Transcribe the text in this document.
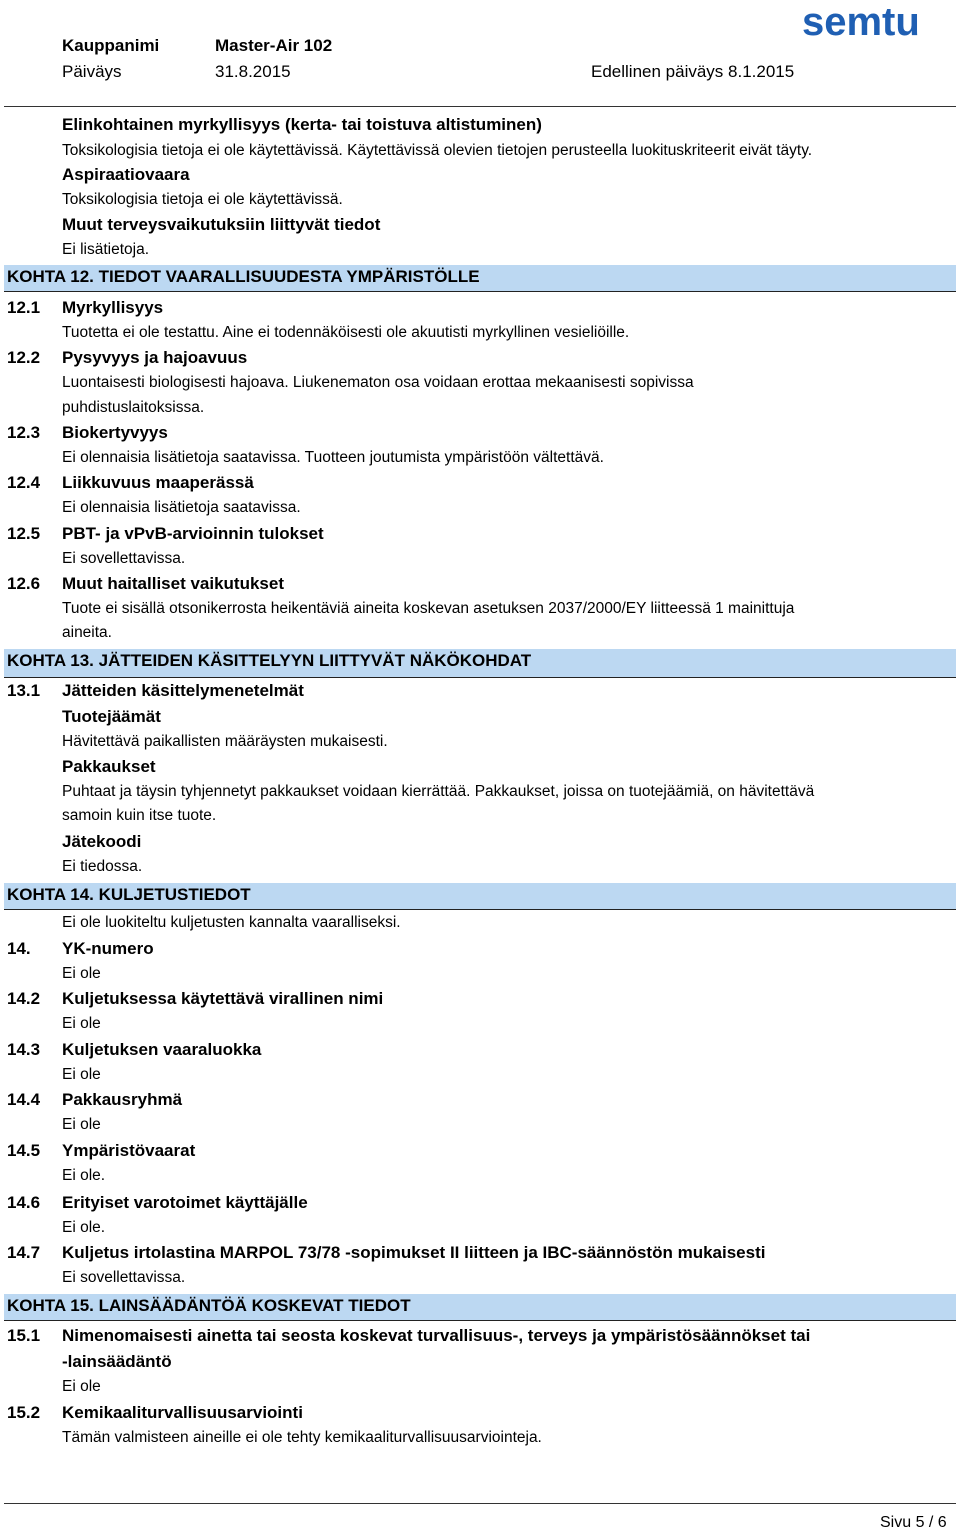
Kauppanimi	Master-Air 102
Päiväys	31.8.2015	Edellinen päiväys 8.1.2015
semtu
Elinkohtainen myrkyllisyys (kerta- tai toistuva altistuminen)
Toksikologisia tietoja ei ole käytettävissä. Käytettävissä olevien tietojen perusteella luokituskriteerit eivät täyty.
Aspiraatiovaara
Toksikologisia tietoja ei ole käytettävissä.
Muut terveysvaikutuksiin liittyvät tiedot
Ei lisätietoja.
KOHTA 12. TIEDOT VAARALLISUUDESTA YMPÄRISTÖLLE
12.1 Myrkyllisyys
Tuotetta ei ole testattu. Aine ei todennäköisesti ole akuutisti myrkyllinen vesieliöille.
12.2 Pysyvyys ja hajoavuus
Luontaisesti biologisesti hajoava. Liukenematon osa voidaan erottaa mekaanisesti sopivissa
puhdistuslaitoksissa.
12.3 Biokertyvyys
Ei olennaisia lisätietoja saatavissa. Tuotteen joutumista ympäristöön vältettävä.
12.4 Liikkuvuus maaperässä
Ei olennaisia lisätietoja saatavissa.
12.5 PBT- ja vPvB-arvioinnin tulokset
Ei sovellettavissa.
12.6 Muut haitalliset vaikutukset
Tuote ei sisällä otsonikerrosta heikentäviä aineita koskevan asetuksen 2037/2000/EY liitteessä 1 mainittuja
aineita.
KOHTA 13. JÄTTEIDEN KÄSITTELYYN LIITTYVÄT NÄKÖKOHDAT
13.1 Jätteiden käsittelymenetelmät
Tuotejäämät
Hävitettävä paikallisten määräysten mukaisesti.
Pakkaukset
Puhtaat ja täysin tyhjennetyt pakkaukset voidaan kierrättää. Pakkaukset, joissa on tuotejäämiä, on hävitettävä
samoin kuin itse tuote.
Jätekoodi
Ei tiedossa.
KOHTA 14. KULJETUSTIEDOT
Ei ole luokiteltu kuljetusten kannalta vaaralliseksi.
14. YK-numero
Ei ole
14.2 Kuljetuksessa käytettävä virallinen nimi
Ei ole
14.3 Kuljetuksen vaaraluokka
Ei ole
14.4 Pakkausryhmä
Ei ole
14.5 Ympäristövaarat
Ei ole.
14.6 Erityiset varotoimet käyttäjälle
Ei ole.
14.7 Kuljetus irtolastina MARPOL 73/78 -sopimukset II liitteen ja IBC-säännöstön mukaisesti
Ei sovellettavissa.
KOHTA 15. LAINSÄÄDÄNTÖÄ KOSKEVAT TIEDOT
15.1 Nimenomaisesti ainetta tai seosta koskevat turvallisuus-, terveys ja ympäristösäännökset tai
-lainsäädäntö
Ei ole
15.2 Kemikaaliturvallisuusarviointi
Tämän valmisteen aineille ei ole tehty kemikaaliturvallisuusarviointeja.
Sivu 5 / 6
